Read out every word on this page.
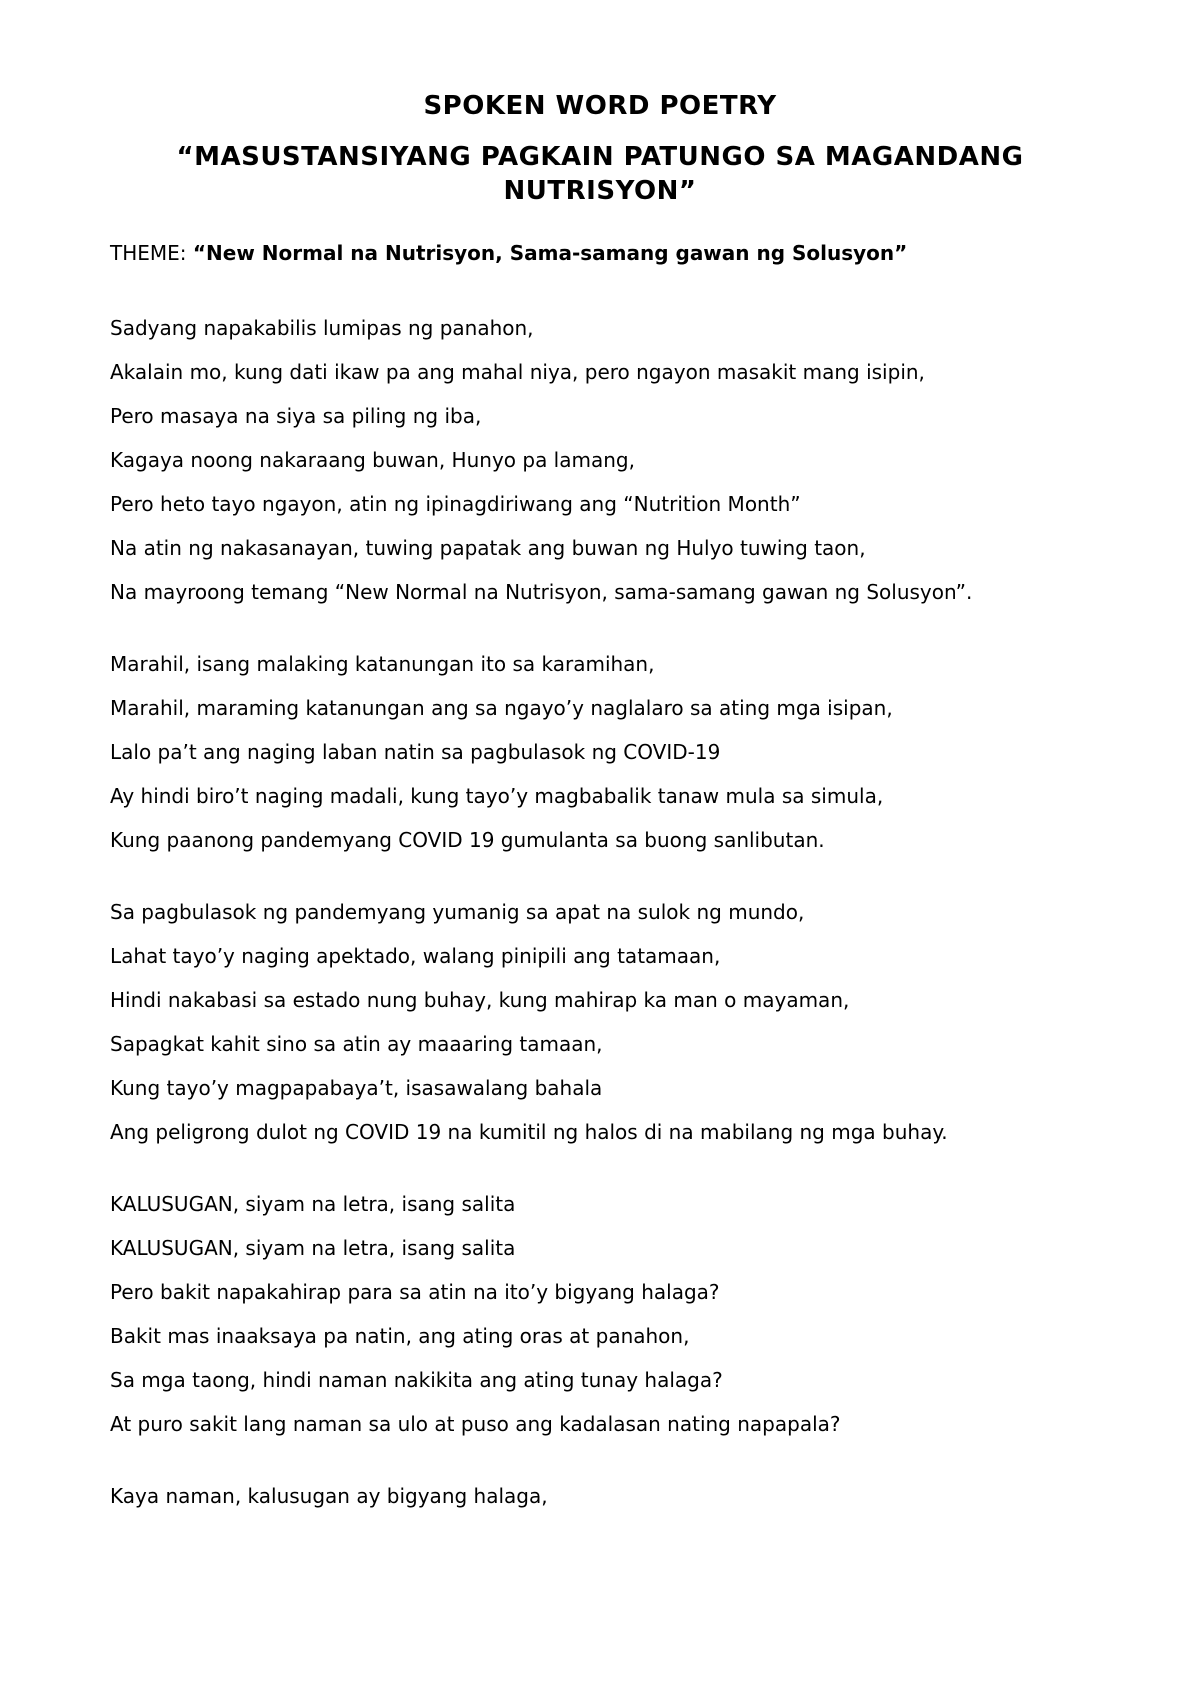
SPOKEN WORD POETRY
“MASUSTANSIYANG PAGKAIN PATUNGO SA MAGANDANG NUTRISYON”

THEME: “New Normal na Nutrisyon, Sama-samang gawan ng Solusyon”

Sadyang napakabilis lumipas ng panahon,

Akalain mo, kung dati ikaw pa ang mahal niya, pero ngayon masakit mang isipin,

Pero masaya na siya sa piling ng iba,

Kagaya noong nakaraang buwan, Hunyo pa lamang,

Pero heto tayo ngayon, atin ng ipinagdiriwang ang “Nutrition Month”

Na atin ng nakasanayan, tuwing papatak ang buwan ng Hulyo tuwing taon,

Na mayroong temang “New Normal na Nutrisyon, sama-samang gawan ng Solusyon”.

Marahil, isang malaking katanungan ito sa karamihan,

Marahil, maraming katanungan ang sa ngayo’y naglalaro sa ating mga isipan,

Lalo pa’t ang naging laban natin sa pagbulasok ng COVID-19

Ay hindi biro’t naging madali, kung tayo’y magbabalik tanaw mula sa simula,

Kung paanong pandemyang COVID 19 gumulanta sa buong sanlibutan.

Sa pagbulasok ng pandemyang yumanig sa apat na sulok ng mundo,

Lahat tayo’y naging apektado, walang pinipili ang tatamaan,

Hindi nakabasi sa estado nung buhay, kung mahirap ka man o mayaman,

Sapagkat kahit sino sa atin ay maaaring tamaan,

Kung tayo’y magpapabaya’t, isasawalang bahala

Ang peligrong dulot ng COVID 19 na kumitil ng halos di na mabilang ng mga buhay.

KALUSUGAN, siyam na letra, isang salita

KALUSUGAN, siyam na letra, isang salita

Pero bakit napakahirap para sa atin na ito’y bigyang halaga?

Bakit mas inaaksaya pa natin, ang ating oras at panahon,

Sa mga taong, hindi naman nakikita ang ating tunay halaga?

At puro sakit lang naman sa ulo at puso ang kadalasan nating napapala?

Kaya naman, kalusugan ay bigyang halaga,
